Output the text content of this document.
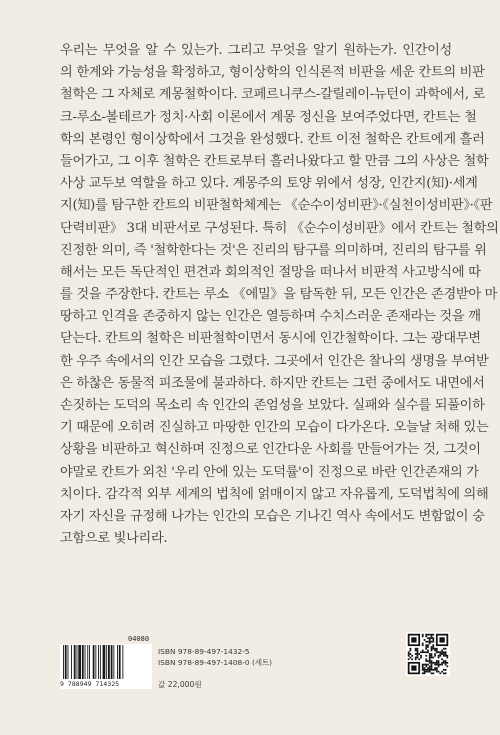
우리는 무엇을 알 수 있는가. 그리고 무엇을 알기 원하는가. 인간이성
의 한계와 가능성을 확정하고, 형이상학의 인식론적 비판을 세운 칸트의 비판
철학은 그 자체로 계몽철학이다. 코페르니쿠스-갈릴레이-뉴턴이 과학에서, 로
크-루소-볼테르가 정치·사회 이론에서 계몽 정신을 보여주었다면, 칸트는 철
학의 본령인 형이상학에서 그것을 완성했다. 칸트 이전 철학은 칸트에게 흘러
들어가고, 그 이후 철학은 칸트로부터 흘러나왔다고 할 만큼 그의 사상은 철학
사상 교두보 역할을 하고 있다. 계몽주의 토양 위에서 성장, 인간지(知)·세계
지(知)를 탐구한 칸트의 비판철학체계는 《순수이성비판》·《실천이성비판》·《판
단력비판》 3대 비판서로 구성된다. 특히 《순수이성비판》에서 칸트는 철학의
진정한 의미, 즉 '철학한다는 것'은 진리의 탐구를 의미하며, 진리의 탐구를 위
해서는 모든 독단적인 편견과 회의적인 절망을 떠나서 비판적 사고방식에 따
를 것을 주장한다. 칸트는 루소 《에밀》을 탐독한 뒤, 모든 인간은 존경받아 마
땅하고 인격을 존중하지 않는 인간은 열등하며 수치스러운 존재라는 것을 깨
닫는다. 칸트의 철학은 비판철학이면서 동시에 인간철학이다. 그는 광대무변
한 우주 속에서의 인간 모습을 그렸다. 그곳에서 인간은 찰나의 생명을 부여받
은 하찮은 동물적 피조물에 불과하다. 하지만 칸트는 그런 중에서도 내면에서
손짓하는 도덕의 목소리 속 인간의 존엄성을 보았다. 실패와 실수를 되풀이하
기 때문에 오히려 진실하고 마땅한 인간의 모습이 다가온다. 오늘날 처해 있는
상황을 비판하고 혁신하며 진정으로 인간다운 사회를 만들어가는 것, 그것이
야말로 칸트가 외친 '우리 안에 있는 도덕률'이 진정으로 바란 인간존재의 가
치이다. 감각적 외부 세계의 법칙에 얽매이지 않고 자유롭게, 도덕법칙에 의해
자기 자신을 규정해 나가는 인간의 모습은 기나긴 역사 속에서도 변함없이 숭
고함으로 빛나리라.
04080
9 788949 714325
ISBN 978-89-497-1432-5
ISBN 978-89-497-1408-0 (세트)
값 22,000원
